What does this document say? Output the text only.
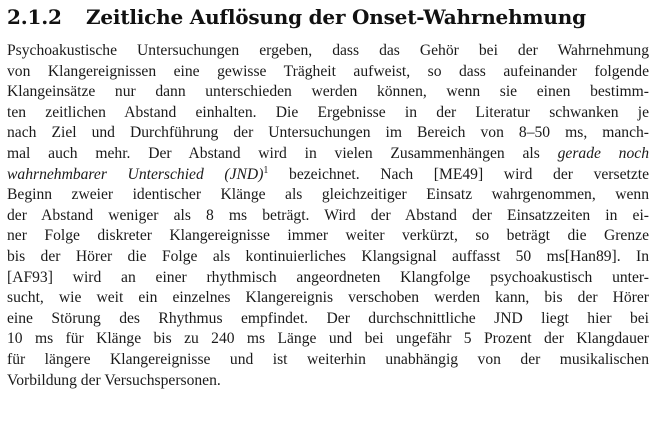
2.1.2	Zeitliche Auflösung der Onset-Wahrnehmung
Psychoakustische Untersuchungen ergeben, dass das Gehör bei der Wahrnehmung
von Klangereignissen eine gewisse Trägheit aufweist, so dass aufeinander folgende
Klangeinsätze nur dann unterschieden werden können, wenn sie einen bestimm-
ten zeitlichen Abstand einhalten. Die Ergebnisse in der Literatur schwanken je
nach Ziel und Durchführung der Untersuchungen im Bereich von 8–50 ms, manch-
mal auch mehr. Der Abstand wird in vielen Zusammenhängen als gerade noch
wahrnehmbarer Unterschied (JND)$^1$ bezeichnet. Nach [ME49] wird der versetzte
Beginn zweier identischer Klänge als gleichzeitiger Einsatz wahrgenommen, wenn
der Abstand weniger als 8 ms beträgt. Wird der Abstand der Einsatzzeiten in ei-
ner Folge diskreter Klangereignisse immer weiter verkürzt, so beträgt die Grenze
bis der Hörer die Folge als kontinuierliches Klangsignal auffasst 50 ms[Han89]. In
[AF93] wird an einer rhythmisch angeordneten Klangfolge psychoakustisch unter-
sucht, wie weit ein einzelnes Klangereignis verschoben werden kann, bis der Hörer
eine Störung des Rhythmus empfindet. Der durchschnittliche JND liegt hier bei
10 ms für Klänge bis zu 240 ms Länge und bei ungefähr 5 Prozent der Klangdauer
für längere Klangereignisse und ist weiterhin unabhängig von der musikalischen
Vorbildung der Versuchspersonen.
